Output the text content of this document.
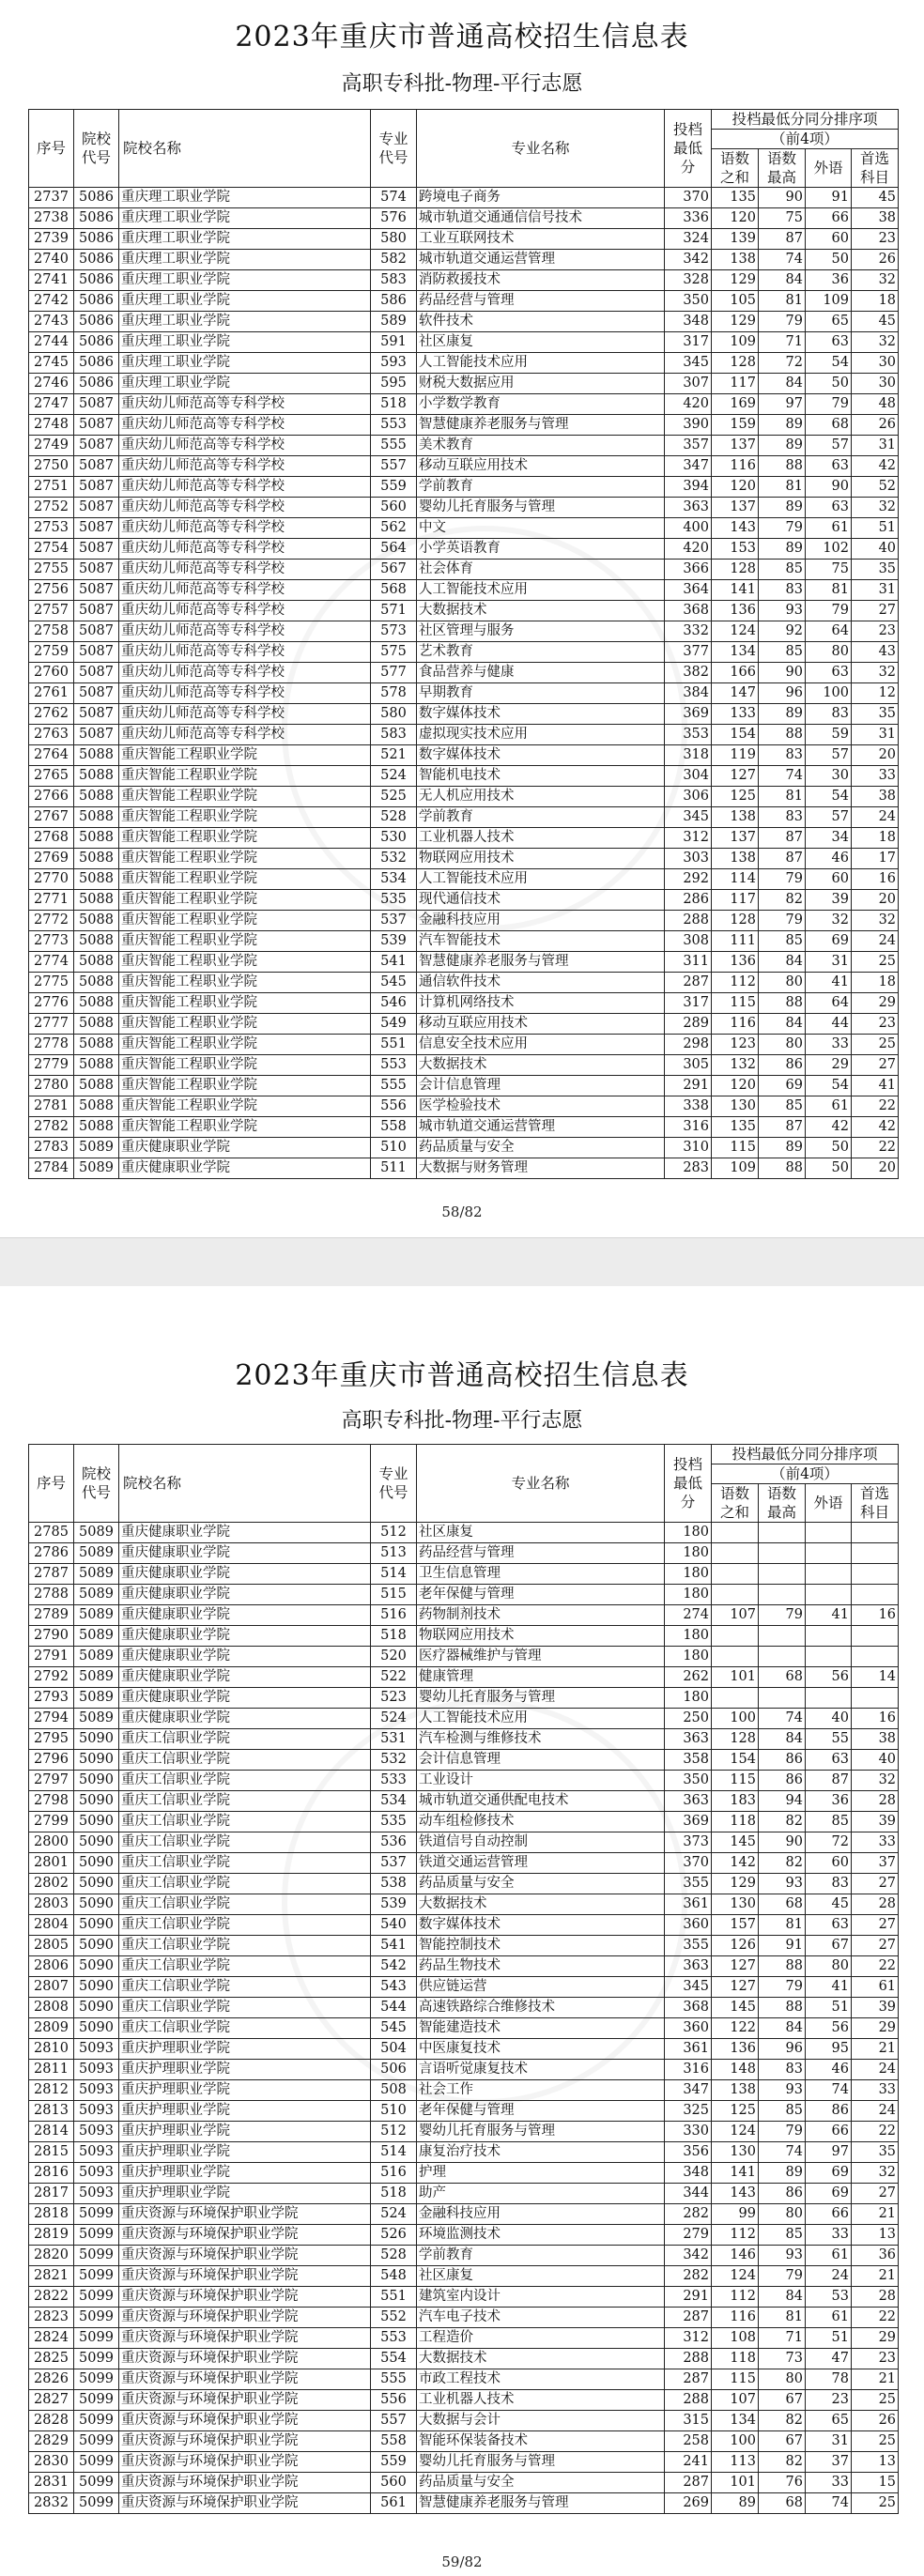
2023年重庆市普通高校招生信息表
高职专科批-物理-平行志愿
序号	院校代号	院校名称	专业代号	专业名称	投档最低分	投档最低分同分排序项			
						（前4项）			
						语数之和	语数最高	外语	首选科目
2737	5086	重庆理工职业学院	574	跨境电子商务	370	135	90	91	45
2738	5086	重庆理工职业学院	576	城市轨道交通通信信号技术	336	120	75	66	38
2739	5086	重庆理工职业学院	580	工业互联网技术	324	139	87	60	23
2740	5086	重庆理工职业学院	582	城市轨道交通运营管理	342	138	74	50	26
2741	5086	重庆理工职业学院	583	消防救援技术	328	129	84	36	32
2742	5086	重庆理工职业学院	586	药品经营与管理	350	105	81	109	18
2743	5086	重庆理工职业学院	589	软件技术	348	129	79	65	45
2744	5086	重庆理工职业学院	591	社区康复	317	109	71	63	32
2745	5086	重庆理工职业学院	593	人工智能技术应用	345	128	72	54	30
2746	5086	重庆理工职业学院	595	财税大数据应用	307	117	84	50	30
2747	5087	重庆幼儿师范高等专科学校	518	小学数学教育	420	169	97	79	48
2748	5087	重庆幼儿师范高等专科学校	553	智慧健康养老服务与管理	390	159	89	68	26
2749	5087	重庆幼儿师范高等专科学校	555	美术教育	357	137	89	57	31
2750	5087	重庆幼儿师范高等专科学校	557	移动互联应用技术	347	116	88	63	42
2751	5087	重庆幼儿师范高等专科学校	559	学前教育	394	120	81	90	52
2752	5087	重庆幼儿师范高等专科学校	560	婴幼儿托育服务与管理	363	137	89	63	32
2753	5087	重庆幼儿师范高等专科学校	562	中文	400	143	79	61	51
2754	5087	重庆幼儿师范高等专科学校	564	小学英语教育	420	153	89	102	40
2755	5087	重庆幼儿师范高等专科学校	567	社会体育	366	128	85	75	35
2756	5087	重庆幼儿师范高等专科学校	568	人工智能技术应用	364	141	83	81	31
2757	5087	重庆幼儿师范高等专科学校	571	大数据技术	368	136	93	79	27
2758	5087	重庆幼儿师范高等专科学校	573	社区管理与服务	332	124	92	64	23
2759	5087	重庆幼儿师范高等专科学校	575	艺术教育	377	134	85	80	43
2760	5087	重庆幼儿师范高等专科学校	577	食品营养与健康	382	166	90	63	32
2761	5087	重庆幼儿师范高等专科学校	578	早期教育	384	147	96	100	12
2762	5087	重庆幼儿师范高等专科学校	580	数字媒体技术	369	133	89	83	35
2763	5087	重庆幼儿师范高等专科学校	583	虚拟现实技术应用	353	154	88	59	31
2764	5088	重庆智能工程职业学院	521	数字媒体技术	318	119	83	57	20
2765	5088	重庆智能工程职业学院	524	智能机电技术	304	127	74	30	33
2766	5088	重庆智能工程职业学院	525	无人机应用技术	306	125	81	54	38
2767	5088	重庆智能工程职业学院	528	学前教育	345	138	83	57	24
2768	5088	重庆智能工程职业学院	530	工业机器人技术	312	137	87	34	18
2769	5088	重庆智能工程职业学院	532	物联网应用技术	303	138	87	46	17
2770	5088	重庆智能工程职业学院	534	人工智能技术应用	292	114	79	60	16
2771	5088	重庆智能工程职业学院	535	现代通信技术	286	117	82	39	20
2772	5088	重庆智能工程职业学院	537	金融科技应用	288	128	79	32	32
2773	5088	重庆智能工程职业学院	539	汽车智能技术	308	111	85	69	24
2774	5088	重庆智能工程职业学院	541	智慧健康养老服务与管理	311	136	84	31	25
2775	5088	重庆智能工程职业学院	545	通信软件技术	287	112	80	41	18
2776	5088	重庆智能工程职业学院	546	计算机网络技术	317	115	88	64	29
2777	5088	重庆智能工程职业学院	549	移动互联应用技术	289	116	84	44	23
2778	5088	重庆智能工程职业学院	551	信息安全技术应用	298	123	80	33	25
2779	5088	重庆智能工程职业学院	553	大数据技术	305	132	86	29	27
2780	5088	重庆智能工程职业学院	555	会计信息管理	291	120	69	54	41
2781	5088	重庆智能工程职业学院	556	医学检验技术	338	130	85	61	22
2782	5088	重庆智能工程职业学院	558	城市轨道交通运营管理	316	135	87	42	42
2783	5089	重庆健康职业学院	510	药品质量与安全	310	115	89	50	22
2784	5089	重庆健康职业学院	511	大数据与财务管理	283	109	88	50	20
58/82
2023年重庆市普通高校招生信息表
高职专科批-物理-平行志愿
序号	院校代号	院校名称	专业代号	专业名称	投档最低分	投档最低分同分排序项			
						（前4项）			
						语数之和	语数最高	外语	首选科目
2785	5089	重庆健康职业学院	512	社区康复	180				
2786	5089	重庆健康职业学院	513	药品经营与管理	180				
2787	5089	重庆健康职业学院	514	卫生信息管理	180				
2788	5089	重庆健康职业学院	515	老年保健与管理	180				
2789	5089	重庆健康职业学院	516	药物制剂技术	274	107	79	41	16
2790	5089	重庆健康职业学院	518	物联网应用技术	180				
2791	5089	重庆健康职业学院	520	医疗器械维护与管理	180				
2792	5089	重庆健康职业学院	522	健康管理	262	101	68	56	14
2793	5089	重庆健康职业学院	523	婴幼儿托育服务与管理	180				
2794	5089	重庆健康职业学院	524	人工智能技术应用	250	100	74	40	16
2795	5090	重庆工信职业学院	531	汽车检测与维修技术	363	128	84	55	38
2796	5090	重庆工信职业学院	532	会计信息管理	358	154	86	63	40
2797	5090	重庆工信职业学院	533	工业设计	350	115	86	87	32
2798	5090	重庆工信职业学院	534	城市轨道交通供配电技术	363	183	94	36	28
2799	5090	重庆工信职业学院	535	动车组检修技术	369	118	82	85	39
2800	5090	重庆工信职业学院	536	铁道信号自动控制	373	145	90	72	33
2801	5090	重庆工信职业学院	537	铁道交通运营管理	370	142	82	60	37
2802	5090	重庆工信职业学院	538	药品质量与安全	355	129	93	83	27
2803	5090	重庆工信职业学院	539	大数据技术	361	130	68	45	28
2804	5090	重庆工信职业学院	540	数字媒体技术	360	157	81	63	27
2805	5090	重庆工信职业学院	541	智能控制技术	355	126	91	67	27
2806	5090	重庆工信职业学院	542	药品生物技术	363	127	88	80	22
2807	5090	重庆工信职业学院	543	供应链运营	345	127	79	41	61
2808	5090	重庆工信职业学院	544	高速铁路综合维修技术	368	145	88	51	39
2809	5090	重庆工信职业学院	545	智能建造技术	360	122	84	56	29
2810	5093	重庆护理职业学院	504	中医康复技术	361	136	96	95	21
2811	5093	重庆护理职业学院	506	言语听觉康复技术	316	148	83	46	24
2812	5093	重庆护理职业学院	508	社会工作	347	138	93	74	33
2813	5093	重庆护理职业学院	510	老年保健与管理	325	125	85	86	24
2814	5093	重庆护理职业学院	512	婴幼儿托育服务与管理	330	124	79	66	22
2815	5093	重庆护理职业学院	514	康复治疗技术	356	130	74	97	35
2816	5093	重庆护理职业学院	516	护理	348	141	89	69	32
2817	5093	重庆护理职业学院	518	助产	344	143	86	69	27
2818	5099	重庆资源与环境保护职业学院	524	金融科技应用	282	99	80	66	21
2819	5099	重庆资源与环境保护职业学院	526	环境监测技术	279	112	85	33	13
2820	5099	重庆资源与环境保护职业学院	528	学前教育	342	146	93	61	36
2821	5099	重庆资源与环境保护职业学院	548	社区康复	282	124	79	24	21
2822	5099	重庆资源与环境保护职业学院	551	建筑室内设计	291	112	84	53	28
2823	5099	重庆资源与环境保护职业学院	552	汽车电子技术	287	116	81	61	22
2824	5099	重庆资源与环境保护职业学院	553	工程造价	312	108	71	51	29
2825	5099	重庆资源与环境保护职业学院	554	大数据技术	288	118	73	47	23
2826	5099	重庆资源与环境保护职业学院	555	市政工程技术	287	115	80	78	21
2827	5099	重庆资源与环境保护职业学院	556	工业机器人技术	288	107	67	23	25
2828	5099	重庆资源与环境保护职业学院	557	大数据与会计	315	134	82	65	26
2829	5099	重庆资源与环境保护职业学院	558	智能环保装备技术	258	100	67	31	25
2830	5099	重庆资源与环境保护职业学院	559	婴幼儿托育服务与管理	241	113	82	37	13
2831	5099	重庆资源与环境保护职业学院	560	药品质量与安全	287	101	76	33	15
2832	5099	重庆资源与环境保护职业学院	561	智慧健康养老服务与管理	269	89	68	74	25
59/82
